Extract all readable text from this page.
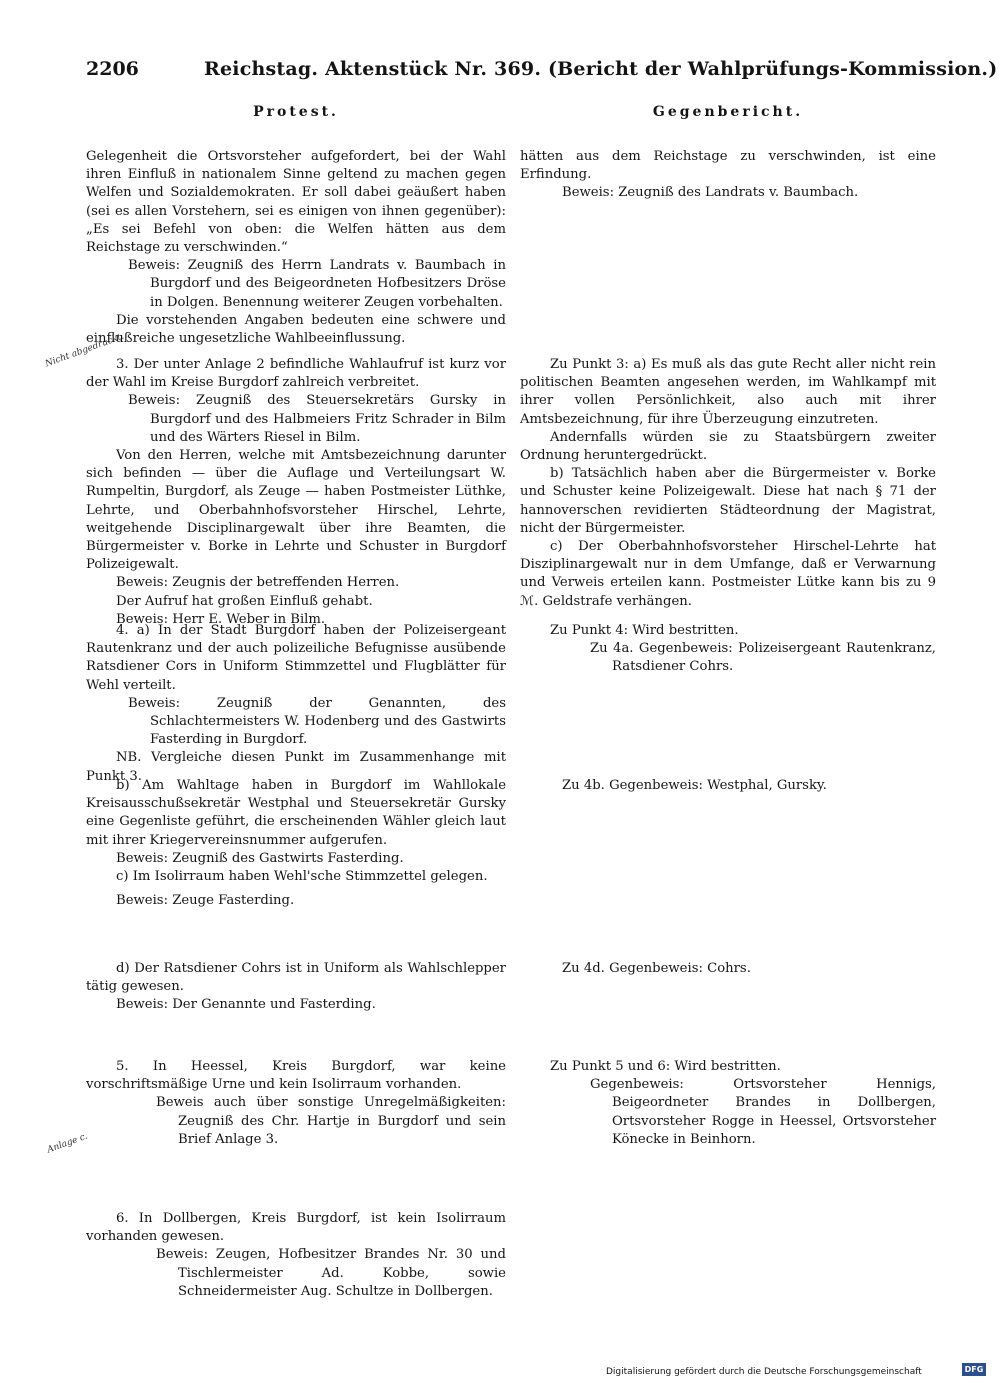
2206	Reichstag. Aktenstück Nr. 369. (Bericht der Wahlprüfungs-Kommission.)
Protest.	Gegenbericht.

Gelegenheit die Ortsvorsteher aufgefordert, bei der Wahl ihren Einfluß in nationalem Sinne geltend zu machen gegen Welfen und Sozialdemokraten. Er soll dabei geäußert haben (sei es allen Vorstehern, sei es einigen von ihnen gegenüber): „Es sei Befehl von oben: die Welfen hätten aus dem Reichstage zu verschwinden.“

Beweis: Zeugniß des Herrn Landrats v. Baumbach in Burgdorf und des Beigeordneten Hofbesitzers Dröse in Dolgen. Benennung weiterer Zeugen vorbehalten.

Die vorstehenden Angaben bedeuten eine schwere und einflußreiche ungesetzliche Wahlbeeinflussung.

Nicht abgedruckt.

3. Der unter Anlage 2 befindliche Wahlaufruf ist kurz vor der Wahl im Kreise Burgdorf zahlreich verbreitet.

Beweis: Zeugniß des Steuersekretärs Gursky in Burgdorf und des Halbmeiers Fritz Schrader in Bilm und des Wärters Riesel in Bilm.

Von den Herren, welche mit Amtsbezeichnung darunter sich befinden — über die Auflage und Verteilungsart W. Rumpeltin, Burgdorf, als Zeuge — haben Postmeister Lüthke, Lehrte, und Oberbahnhofsvorsteher Hirschel, Lehrte, weitgehende Disciplinargewalt über ihre Beamten, die Bürgermeister v. Borke in Lehrte und Schuster in Burgdorf Polizeigewalt.

Beweis: Zeugnis der betreffenden Herren.

Der Aufruf hat großen Einfluß gehabt.

Beweis: Herr E. Weber in Bilm.

4. a) In der Stadt Burgdorf haben der Polizeisergeant Rautenkranz und der auch polizeiliche Befugnisse ausübende Ratsdiener Cors in Uniform Stimmzettel und Flugblätter für Wehl verteilt.

Beweis: Zeugniß der Genannten, des Schlachtermeisters W. Hodenberg und des Gastwirts Fasterding in Burgdorf.

NB. Vergleiche diesen Punkt im Zusammenhange mit Punkt 3.

b) Am Wahltage haben in Burgdorf im Wahllokale Kreisausschußsekretär Westphal und Steuersekretär Gursky eine Gegenliste geführt, die erscheinenden Wähler gleich laut mit ihrer Kriegervereinsnummer aufgerufen.

Beweis: Zeugniß des Gastwirts Fasterding.

c) Im Isolirraum haben Wehl'sche Stimmzettel gelegen.

Beweis: Zeuge Fasterding.

d) Der Ratsdiener Cohrs ist in Uniform als Wahlschlepper tätig gewesen.

Beweis: Der Genannte und Fasterding.

5. In Heessel, Kreis Burgdorf, war keine vorschriftsmäßige Urne und kein Isolirraum vorhanden.

Beweis auch über sonstige Unregelmäßigkeiten: Zeugniß des Chr. Hartje in Burgdorf und sein Brief Anlage 3.

Anlage c.

6. In Dollbergen, Kreis Burgdorf, ist kein Isolirraum vorhanden gewesen.

Beweis: Zeugen, Hofbesitzer Brandes Nr. 30 und Tischlermeister Ad. Kobbe, sowie Schneidermeister Aug. Schultze in Dollbergen.

hätten aus dem Reichstage zu verschwinden, ist eine Erfindung.

Beweis: Zeugniß des Landrats v. Baumbach.

Zu Punkt 3: a) Es muß als das gute Recht aller nicht rein politischen Beamten angesehen werden, im Wahlkampf mit ihrer vollen Persönlichkeit, also auch mit ihrer Amtsbezeichnung, für ihre Überzeugung einzutreten.

Andernfalls würden sie zu Staatsbürgern zweiter Ordnung heruntergedrückt.

b) Tatsächlich haben aber die Bürgermeister v. Borke und Schuster keine Polizeigewalt. Diese hat nach § 71 der hannoverschen revidierten Städteordnung der Magistrat, nicht der Bürgermeister.

c) Der Oberbahnhofsvorsteher Hirschel-Lehrte hat Disziplinargewalt nur in dem Umfange, daß er Verwarnung und Verweis erteilen kann. Postmeister Lütke kann bis zu 9 ℳ. Geldstrafe verhängen.

Zu Punkt 4: Wird bestritten.

Zu 4a. Gegenbeweis: Polizeisergeant Rautenkranz, Ratsdiener Cohrs.

Zu 4b. Gegenbeweis: Westphal, Gursky.

Zu 4d. Gegenbeweis: Cohrs.

Zu Punkt 5 und 6: Wird bestritten.

Gegenbeweis: Ortsvorsteher Hennigs, Beigeordneter Brandes in Dollbergen, Ortsvorsteher Rogge in Heessel, Ortsvorsteher Könecke in Beinhorn.

Digitalisierung gefördert durch die Deutsche Forschungsgemeinschaft	DFG
